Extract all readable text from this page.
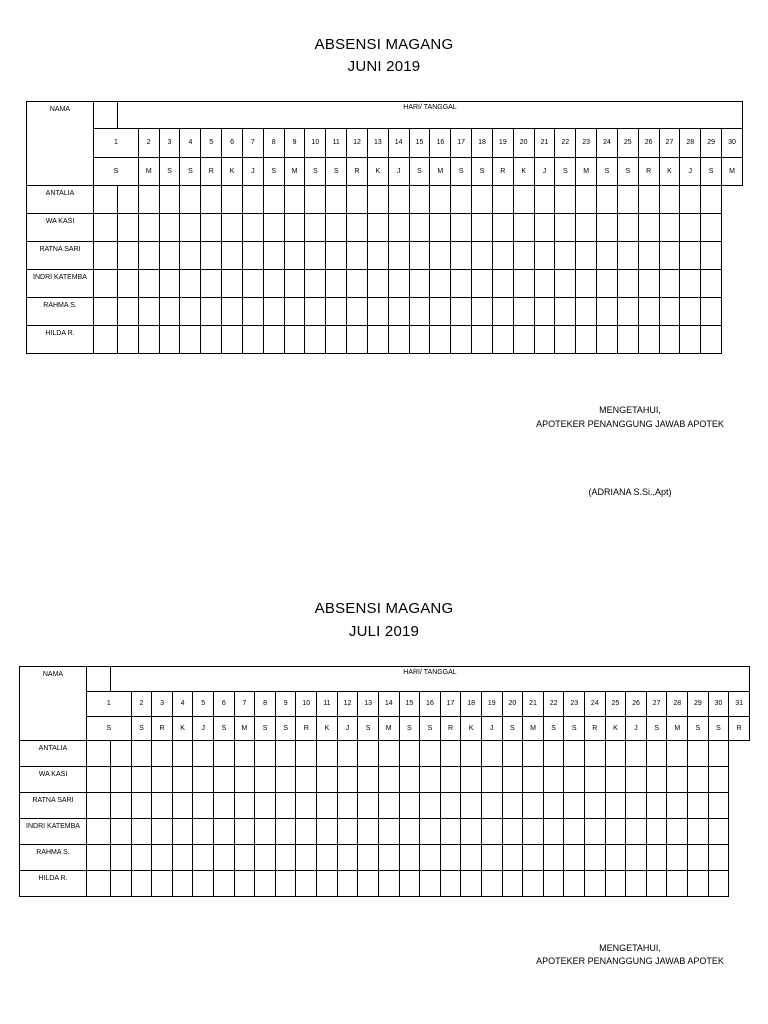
ABSENSI MAGANG
JUNI 2019
NAMA		HARI/ TANGGAL																													
	1		2	3	4	5	6	7	8	9	10	11	12	13	14	15	16	17	18	19	20	21	22	23	24	25	26	27	28	29	30
	S		M	S	S	R	K	J	S	M	S	S	R	K	J	S	M	S	S	R	K	J	S	M	S	S	R	K	J	S	M
ANTALIA																															
WA KASI																															
RATNA SARI																															
INDRI KATEMBA																															
RAHMA S.																															
HILDA R.																															
MENGETAHUI,
APOTEKER PENANGGUNG JAWAB APOTEK
(ADRIANA S.Si.,Apt)
ABSENSI MAGANG
JULI 2019
NAMA		HARI/ TANGGAL																														
	1		2	3	4	5	6	7	8	9	10	11	12	13	14	15	16	17	18	19	20	21	22	23	24	25	26	27	28	29	30	31
	S		S	R	K	J	S	M	S	S	R	K	J	S	M	S	S	R	K	J	S	M	S	S	R	K	J	S	M	S	S	R
ANTALIA																																
WA KASI																																
RATNA SARI																																
INDRI KATEMBA																																
RAHMA S.																																
HILDA R.																																
MENGETAHUI,
APOTEKER PENANGGUNG JAWAB APOTEK
